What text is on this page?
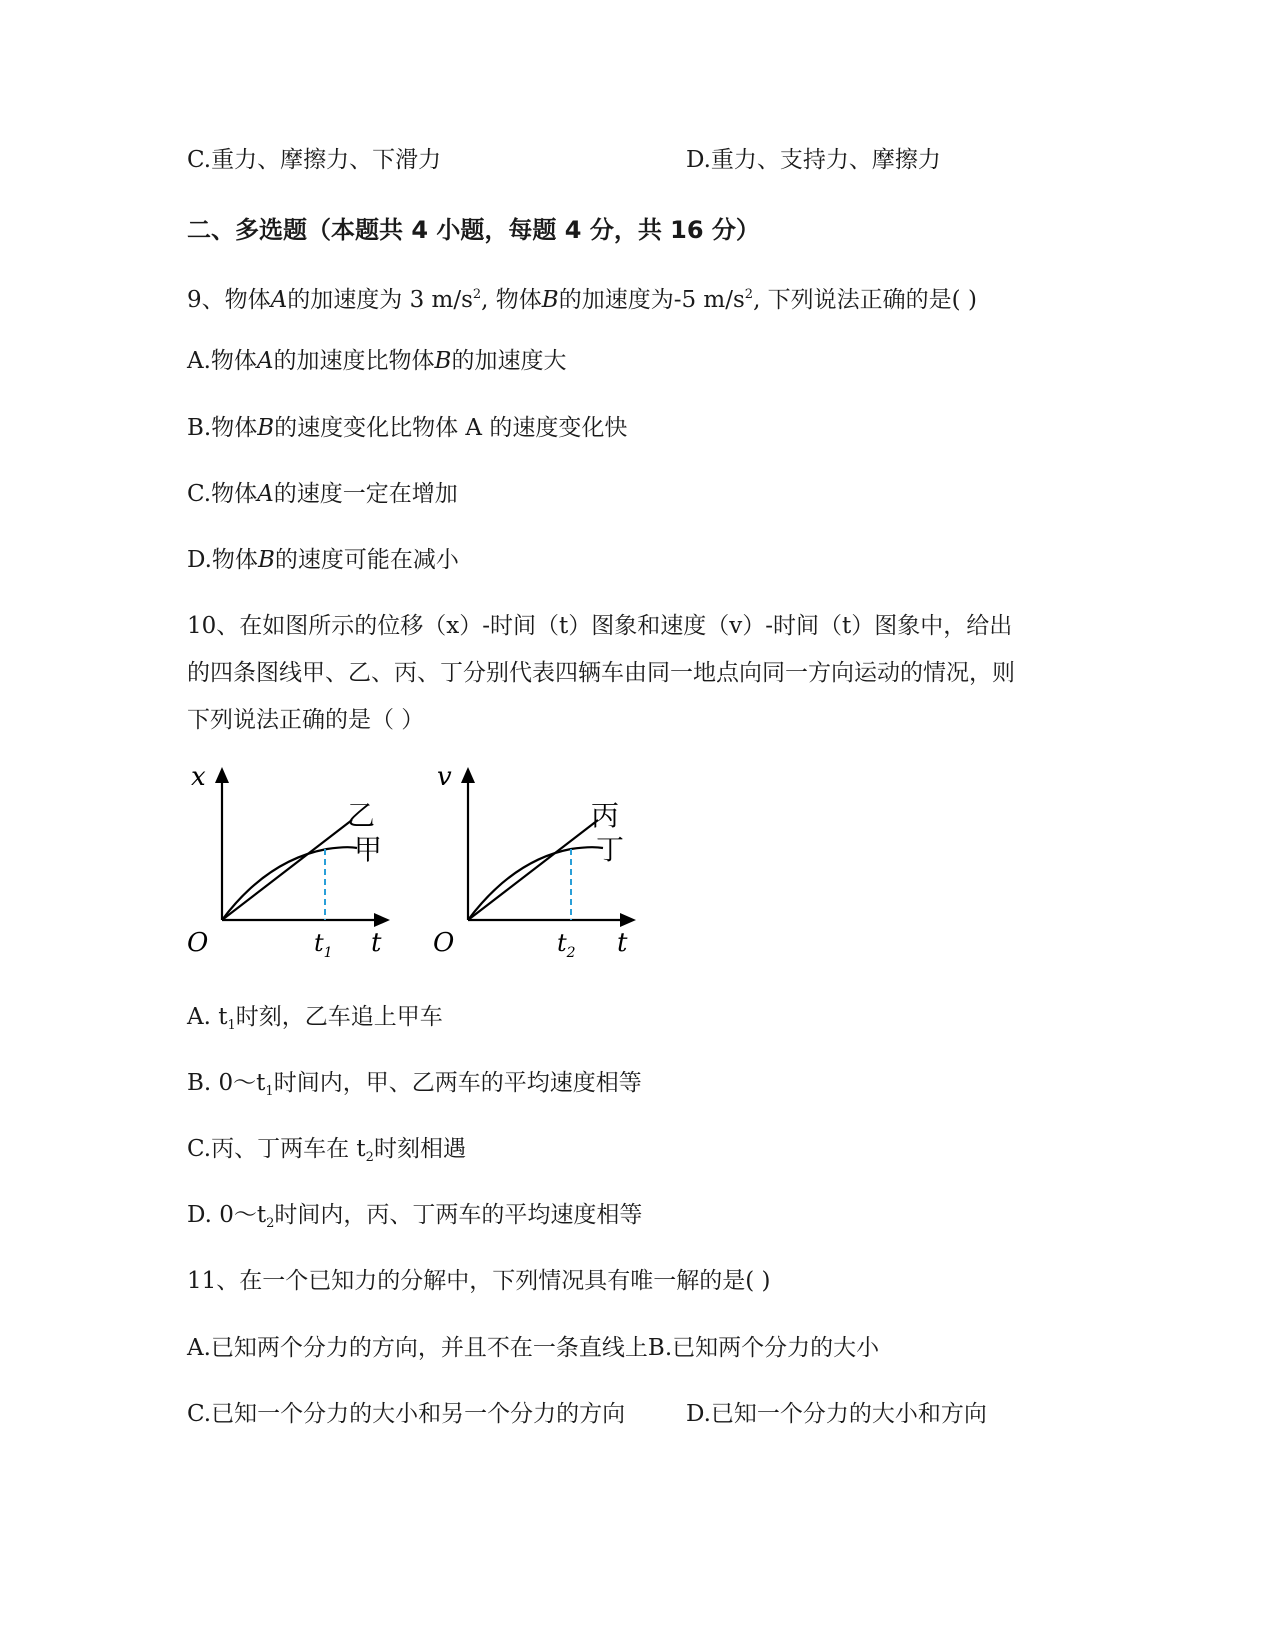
C.重力、摩擦力、下滑力	D.重力、支持力、摩擦力
二、多选题（本题共 4 小题，每题 4 分，共 16 分）
9、物体A的加速度为 3 $m/s^2$, 物体B的加速度为-5 $m/s^2$, 下列说法正确的是( )
A.物体A的加速度比物体B的加速度大
B.物体B的速度变化比物体 A 的速度变化快
C.物体A的速度一定在增加
D.物体B的速度可能在减小
10、在如图所示的位移（x）-时间（t）图象和速度（v）-时间（t）图象中，给出
的四条图线甲、乙、丙、丁分别代表四辆车由同一地点向同一方向运动的情况，则
下列说法正确的是（ ）
x
t
O
乙
甲
$t_1$
v
t
O
丙
丁
$t_2$
A. $t_1$时刻，乙车追上甲车
B. $0\sim t_1$时间内，甲、乙两车的平均速度相等
C.丙、丁两车在 $t_2$时刻相遇
D. $0\sim t_2$时间内，丙、丁两车的平均速度相等
11、在一个已知力的分解中，下列情况具有唯一解的是( )
A.已知两个分力的方向，并且不在一条直线上B.已知两个分力的大小
C.已知一个分力的大小和另一个分力的方向	D.已知一个分力的大小和方向
